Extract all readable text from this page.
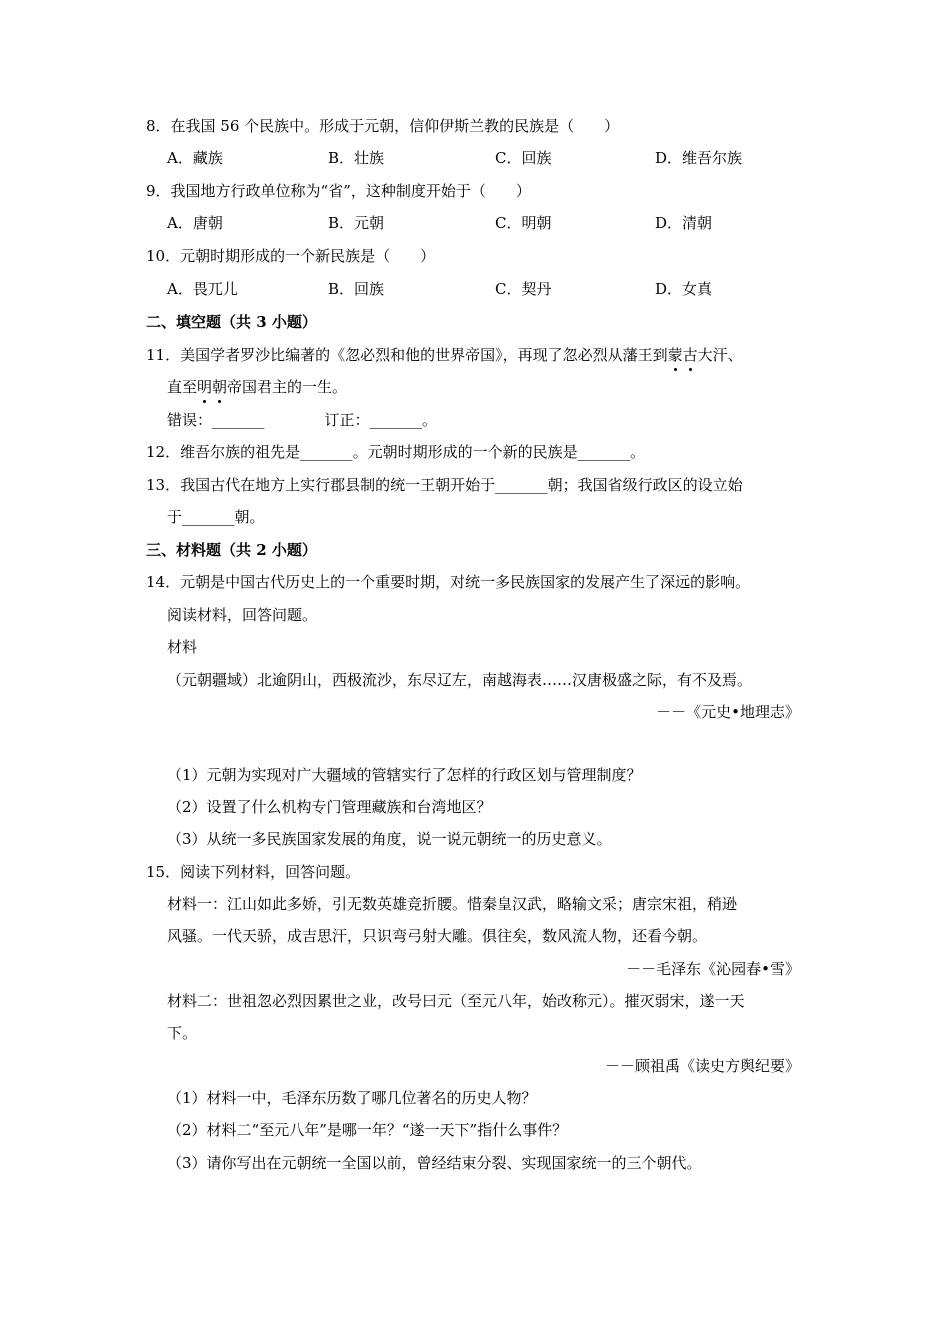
8．在我国 56 个民族中。形成于元朝，信仰伊斯兰教的民族是（　　）
A．藏族	B．壮族	C．回族	D．维吾尔族
9．我国地方行政单位称为“省”，这种制度开始于（　　）
A．唐朝	B．元朝	C．明朝	D．清朝
10．元朝时期形成的一个新民族是（　　）
A．畏兀儿	B．回族	C．契丹	D．女真
二、填空题（共 3 小题）
11．美国学者罗沙比编著的《忽必烈和他的世界帝国》，再现了忽必烈从藩王到蒙古大汗、
直至明朝帝国君主的一生。
错误：_______　　　　订正：_______。
12．维吾尔族的祖先是_______。元朝时期形成的一个新的民族是_______。
13．我国古代在地方上实行郡县制的统一王朝开始于_______朝；我国省级行政区的设立始
于_______朝。
三、材料题（共 2 小题）
14．元朝是中国古代历史上的一个重要时期，对统一多民族国家的发展产生了深远的影响。
阅读材料，回答问题。
材料
（元朝疆域）北逾阴山，西极流沙，东尽辽左，南越海表……汉唐极盛之际，有不及焉。
－－《元史•地理志》
（1）元朝为实现对广大疆域的管辖实行了怎样的行政区划与管理制度？
（2）设置了什么机构专门管理藏族和台湾地区？
（3）从统一多民族国家发展的角度，说一说元朝统一的历史意义。
15．阅读下列材料，回答问题。
材料一：江山如此多娇，引无数英雄竞折腰。惜秦皇汉武，略输文采；唐宗宋祖，稍逊
风骚。一代天骄，成吉思汗，只识弯弓射大雕。俱往矣，数风流人物，还看今朝。
－－毛泽东《沁园春•雪》
材料二：世祖忽必烈因累世之业，改号曰元（至元八年，始改称元）。摧灭弱宋，遂一天
下。
－－顾祖禹《读史方舆纪要》
（1）材料一中，毛泽东历数了哪几位著名的历史人物？
（2）材料二“至元八年”是哪一年？“遂一天下”指什么事件？
（3）请你写出在元朝统一全国以前，曾经结束分裂、实现国家统一的三个朝代。
